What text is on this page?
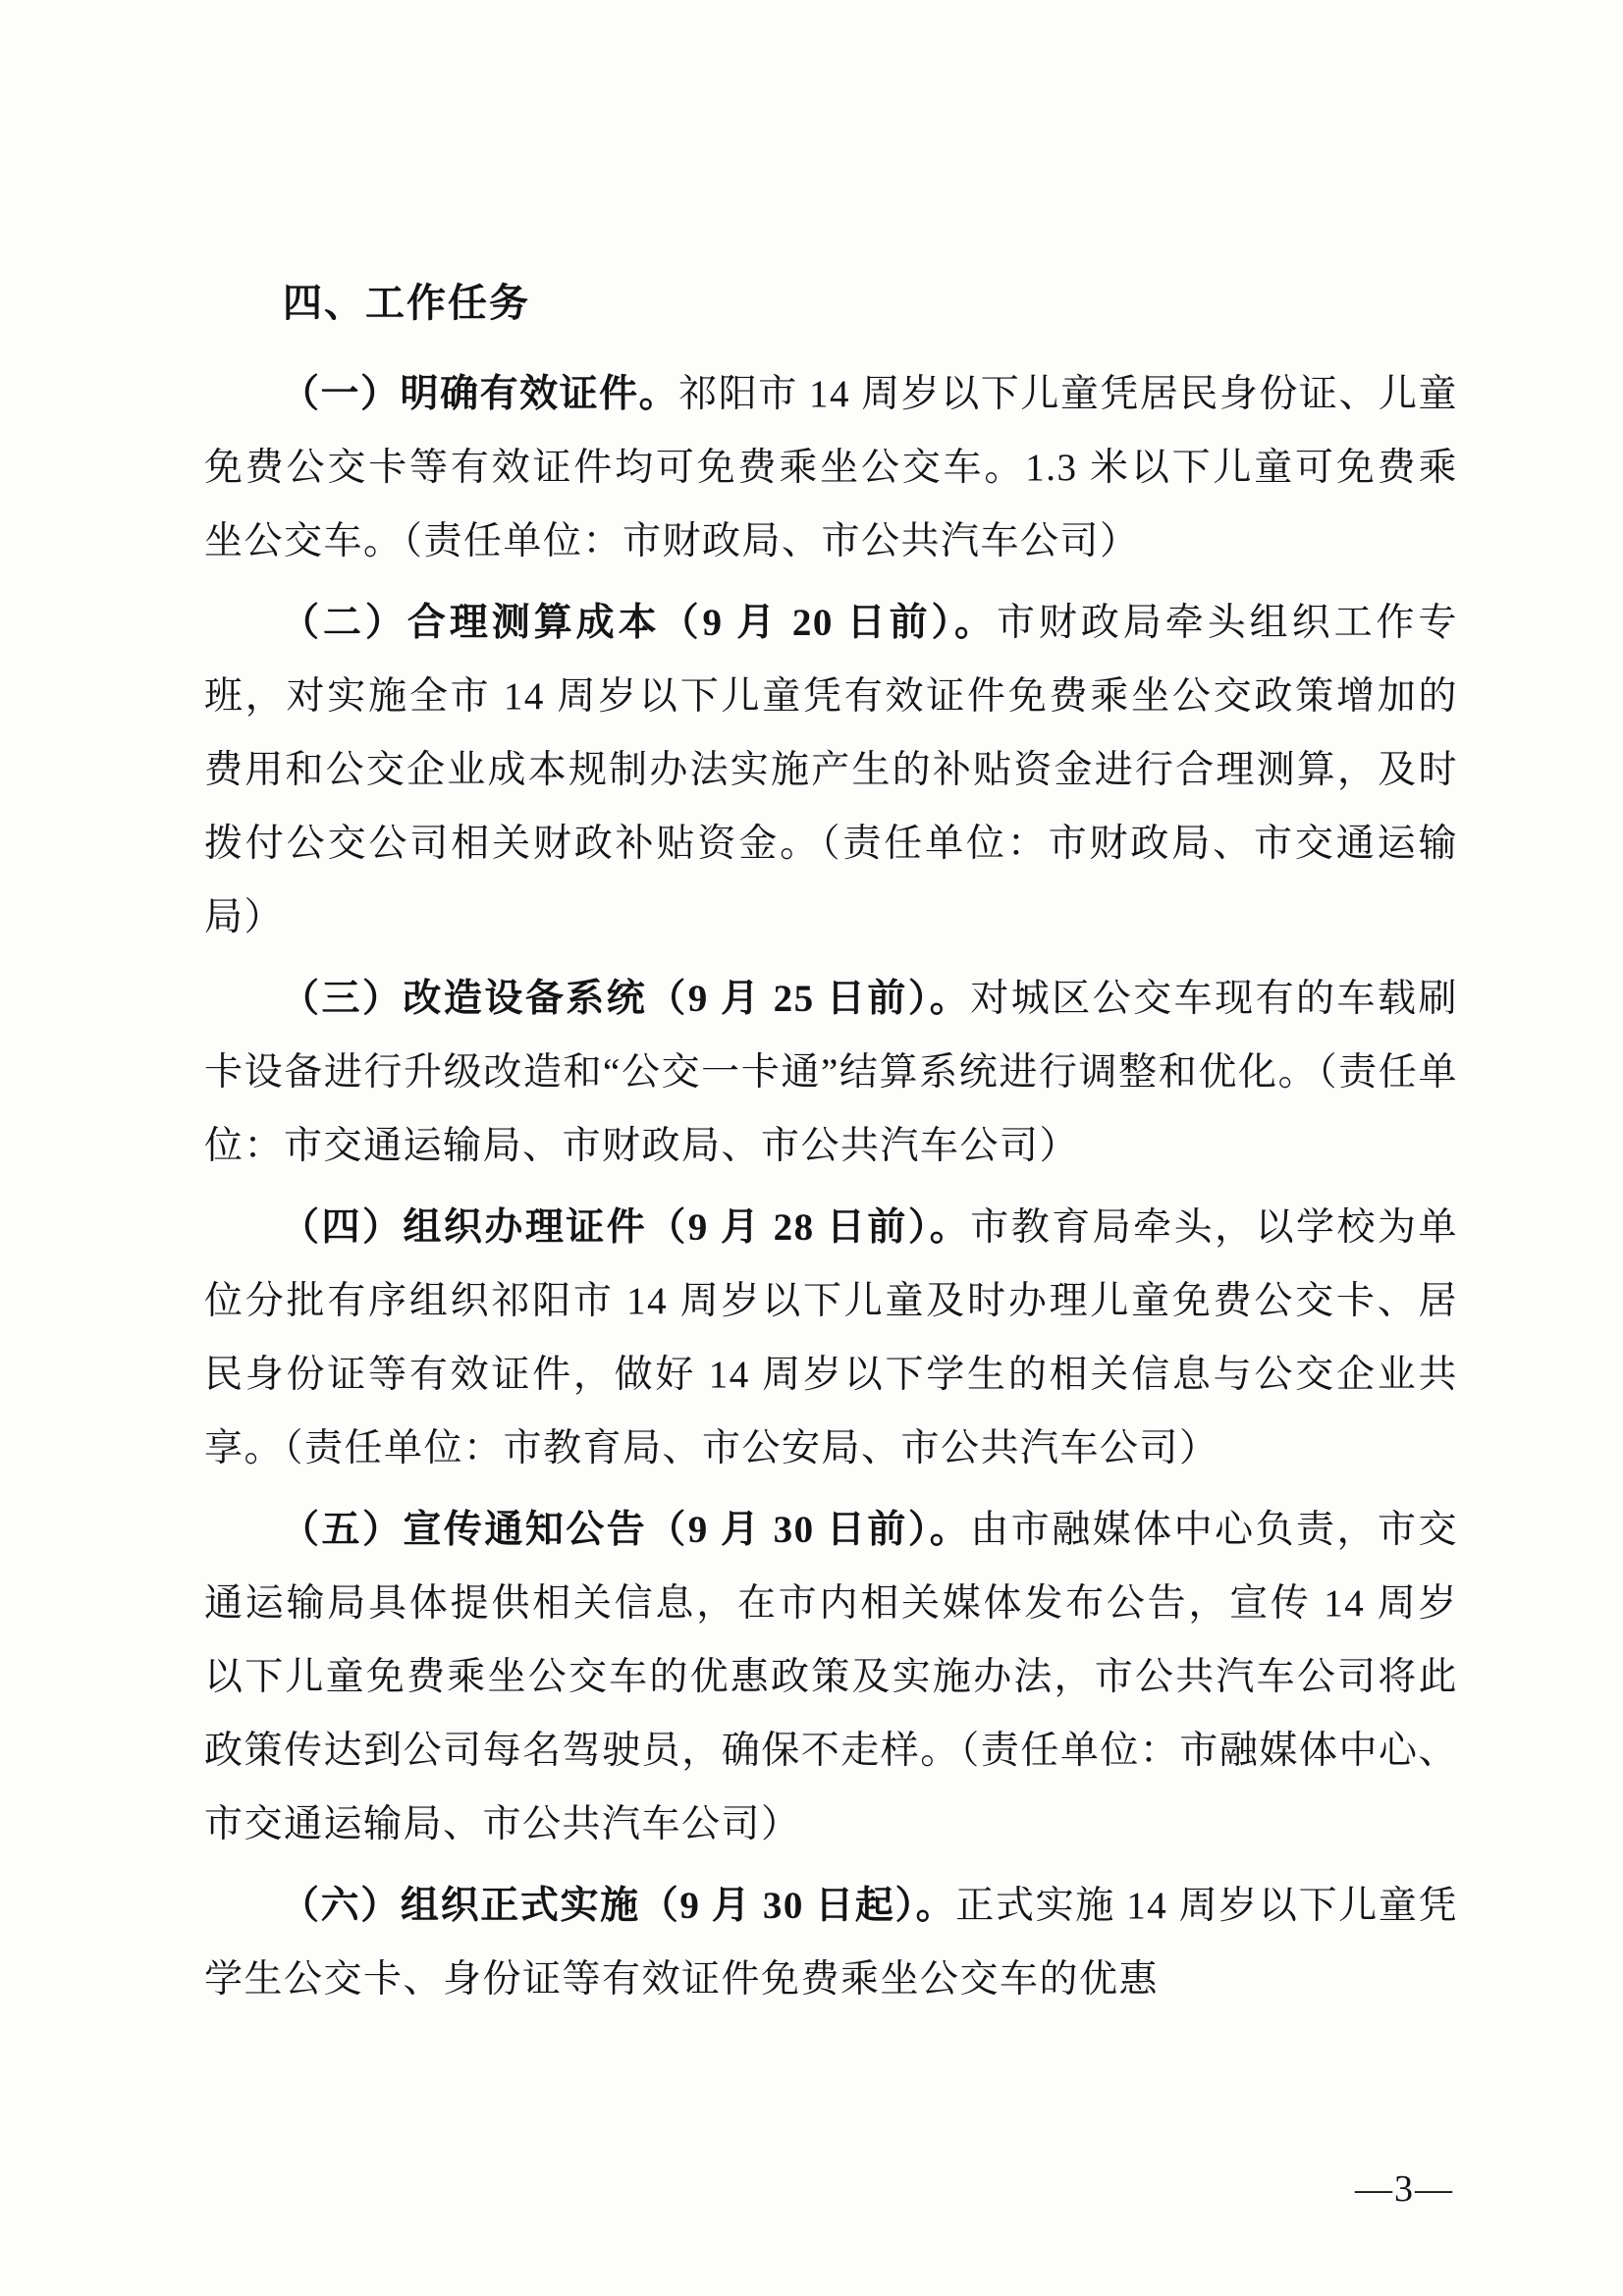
四、工作任务

（一）明确有效证件。祁阳市 14 周岁以下儿童凭居民身份证、儿童免费公交卡等有效证件均可免费乘坐公交车。1.3 米以下儿童可免费乘坐公交车。（责任单位：市财政局、市公共汽车公司）

（二）合理测算成本（9 月 20 日前）。市财政局牵头组织工作专班，对实施全市 14 周岁以下儿童凭有效证件免费乘坐公交政策增加的费用和公交企业成本规制办法实施产生的补贴资金进行合理测算，及时拨付公交公司相关财政补贴资金。（责任单位：市财政局、市交通运输局）

（三）改造设备系统（9 月 25 日前）。对城区公交车现有的车载刷卡设备进行升级改造和“公交一卡通”结算系统进行调整和优化。（责任单位：市交通运输局、市财政局、市公共汽车公司）

（四）组织办理证件（9 月 28 日前）。市教育局牵头，以学校为单位分批有序组织祁阳市 14 周岁以下儿童及时办理儿童免费公交卡、居民身份证等有效证件，做好 14 周岁以下学生的相关信息与公交企业共享。（责任单位：市教育局、市公安局、市公共汽车公司）

（五）宣传通知公告（9 月 30 日前）。由市融媒体中心负责，市交通运输局具体提供相关信息，在市内相关媒体发布公告，宣传 14 周岁以下儿童免费乘坐公交车的优惠政策及实施办法，市公共汽车公司将此政策传达到公司每名驾驶员，确保不走样。（责任单位：市融媒体中心、市交通运输局、市公共汽车公司）

（六）组织正式实施（9 月 30 日起）。正式实施 14 周岁以下儿童凭学生公交卡、身份证等有效证件免费乘坐公交车的优惠

—3—
